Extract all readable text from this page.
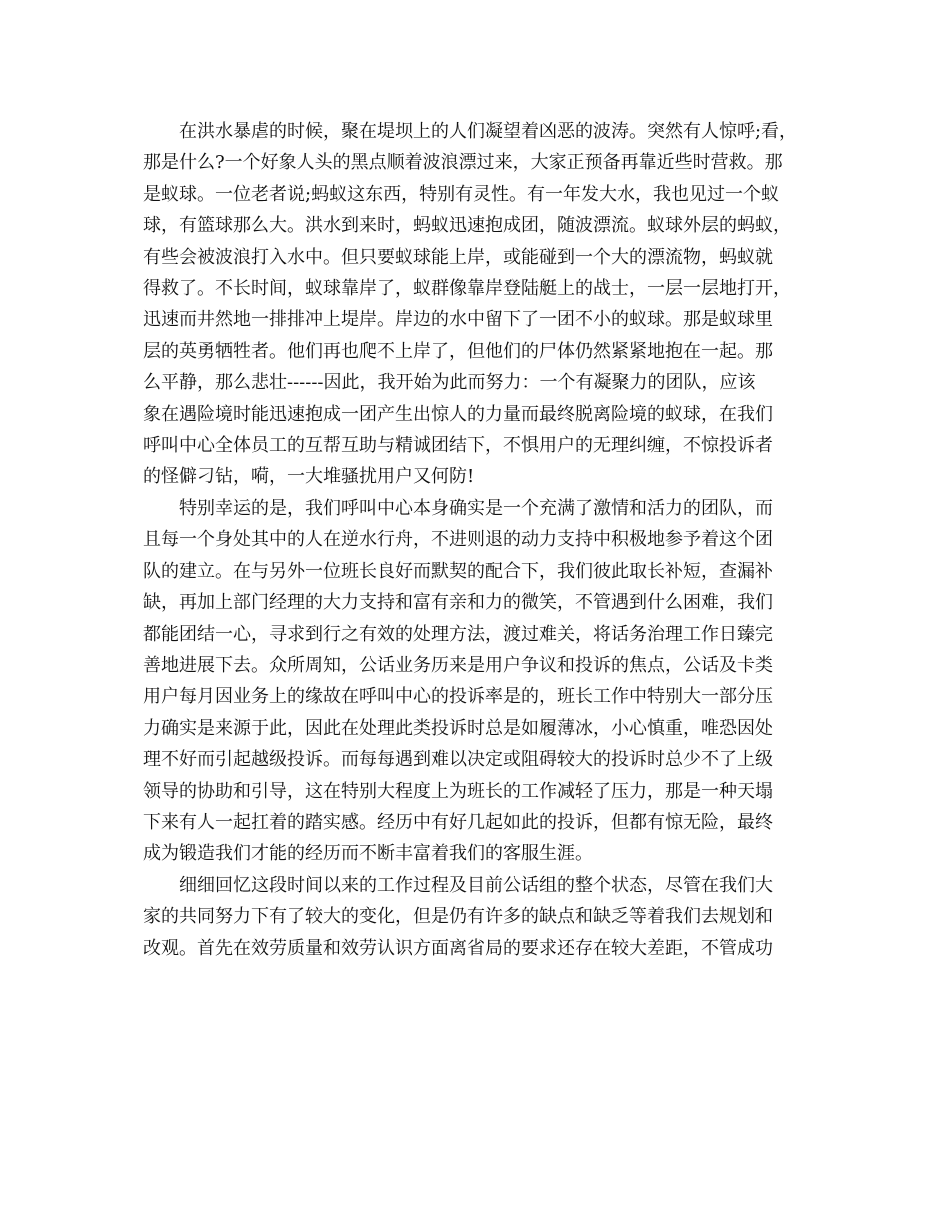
在洪水暴虐的时候，聚在堤坝上的人们凝望着凶恶的波涛。突然有人惊呼;看，
那是什么?一个好象人头的黑点顺着波浪漂过来，大家正预备再靠近些时营救。那
是蚁球。一位老者说;蚂蚁这东西，特别有灵性。有一年发大水，我也见过一个蚁
球，有篮球那么大。洪水到来时，蚂蚁迅速抱成团，随波漂流。蚁球外层的蚂蚁，
有些会被波浪打入水中。但只要蚁球能上岸，或能碰到一个大的漂流物，蚂蚁就
得救了。不长时间，蚁球靠岸了，蚁群像靠岸登陆艇上的战士，一层一层地打开，
迅速而井然地一排排冲上堤岸。岸边的水中留下了一团不小的蚁球。那是蚁球里
层的英勇牺牲者。他们再也爬不上岸了，但他们的尸体仍然紧紧地抱在一起。那
么平静，那么悲壮------因此，我开始为此而努力：一个有凝聚力的团队，应该
象在遇险境时能迅速抱成一团产生出惊人的力量而最终脱离险境的蚁球，在我们
呼叫中心全体员工的互帮互助与精诚团结下，不惧用户的无理纠缠，不惊投诉者
的怪僻刁钻，嗬，一大堆骚扰用户又何防!
特别幸运的是，我们呼叫中心本身确实是一个充满了激情和活力的团队，而
且每一个身处其中的人在逆水行舟，不进则退的动力支持中积极地参予着这个团
队的建立。在与另外一位班长良好而默契的配合下，我们彼此取长补短，查漏补
缺，再加上部门经理的大力支持和富有亲和力的微笑，不管遇到什么困难，我们
都能团结一心，寻求到行之有效的处理方法，渡过难关，将话务治理工作日臻完
善地进展下去。众所周知，公话业务历来是用户争议和投诉的焦点，公话及卡类
用户每月因业务上的缘故在呼叫中心的投诉率是的，班长工作中特别大一部分压
力确实是来源于此，因此在处理此类投诉时总是如履薄冰，小心慎重，唯恐因处
理不好而引起越级投诉。而每每遇到难以决定或阻碍较大的投诉时总少不了上级
领导的协助和引导，这在特别大程度上为班长的工作减轻了压力，那是一种天塌
下来有人一起扛着的踏实感。经历中有好几起如此的投诉，但都有惊无险，最终
成为锻造我们才能的经历而不断丰富着我们的客服生涯。
细细回忆这段时间以来的工作过程及目前公话组的整个状态，尽管在我们大
家的共同努力下有了较大的变化，但是仍有许多的缺点和缺乏等着我们去规划和
改观。首先在效劳质量和效劳认识方面离省局的要求还存在较大差距，不管成功
